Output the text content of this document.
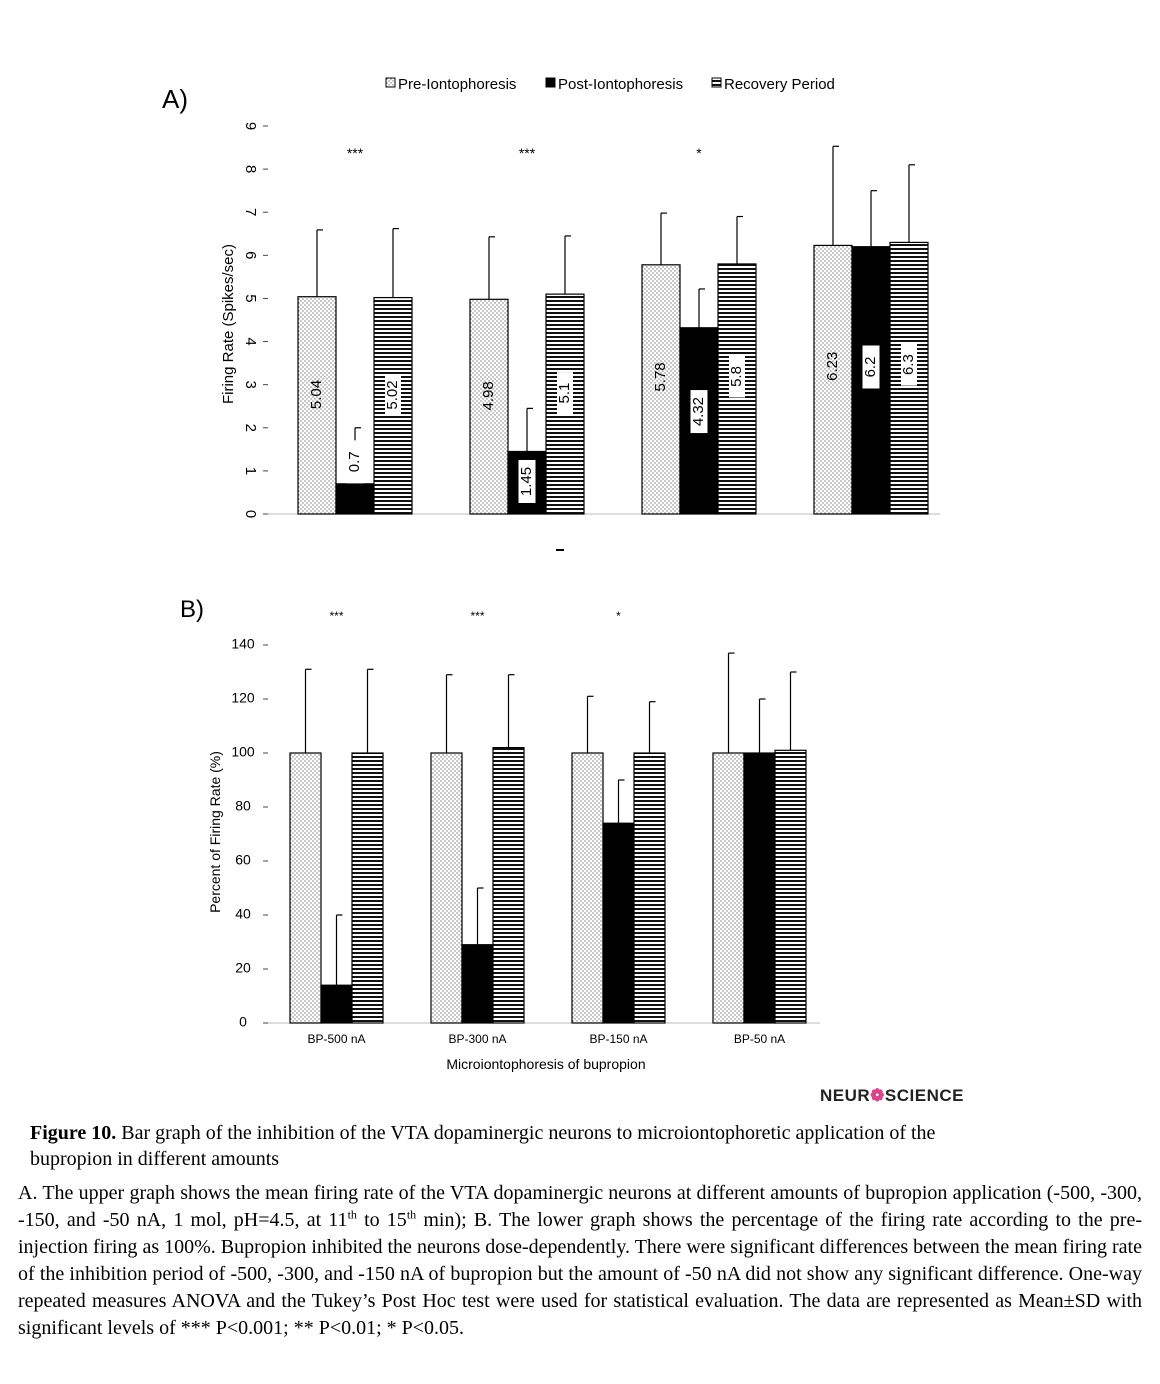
Pre-Iontophoresis	Post-Iontophoresis	Recovery Period
0
1
2
3
4
5
6
7
8
9
Firing Rate (Spikes/sec)	5.04
0.7
5.02
***
4.98
1.45
5.1
***
5.78
4.32
5.8
*
6.23 6.2 6.3
0
20
40
60
80
100
120
140
Percent of Firing Rate (%)
***
BP-500 nA
***
BP-300 nA
*
BP-150 nA	BP-50 nA
Microiontophoresis of bupropion
A)
B)
NEUR❁SCIENCE
Figure 10. Bar graph of the inhibition of the VTA dopaminergic neurons to microiontophoretic application of the bupropion in different amounts
A. The upper graph shows the mean firing rate of the VTA dopaminergic neurons at different amounts of bupropion application (-500, -300, -150, and -50 nA, 1 mol, pH=4.5, at 11th to 15th min); B. The lower graph shows the percentage of the firing rate according to the pre-injection firing as 100%. Bupropion inhibited the neurons dose-dependently. There were significant differences between the mean firing rate of the inhibition period of -500, -300, and -150 nA of bupropion but the amount of -50 nA did not show any significant difference. One-way repeated measures ANOVA and the Tukey’s Post Hoc test were used for statistical evaluation. The data are represented as Mean±SD with significant levels of *** P<0.001; ** P<0.01; * P<0.05.
